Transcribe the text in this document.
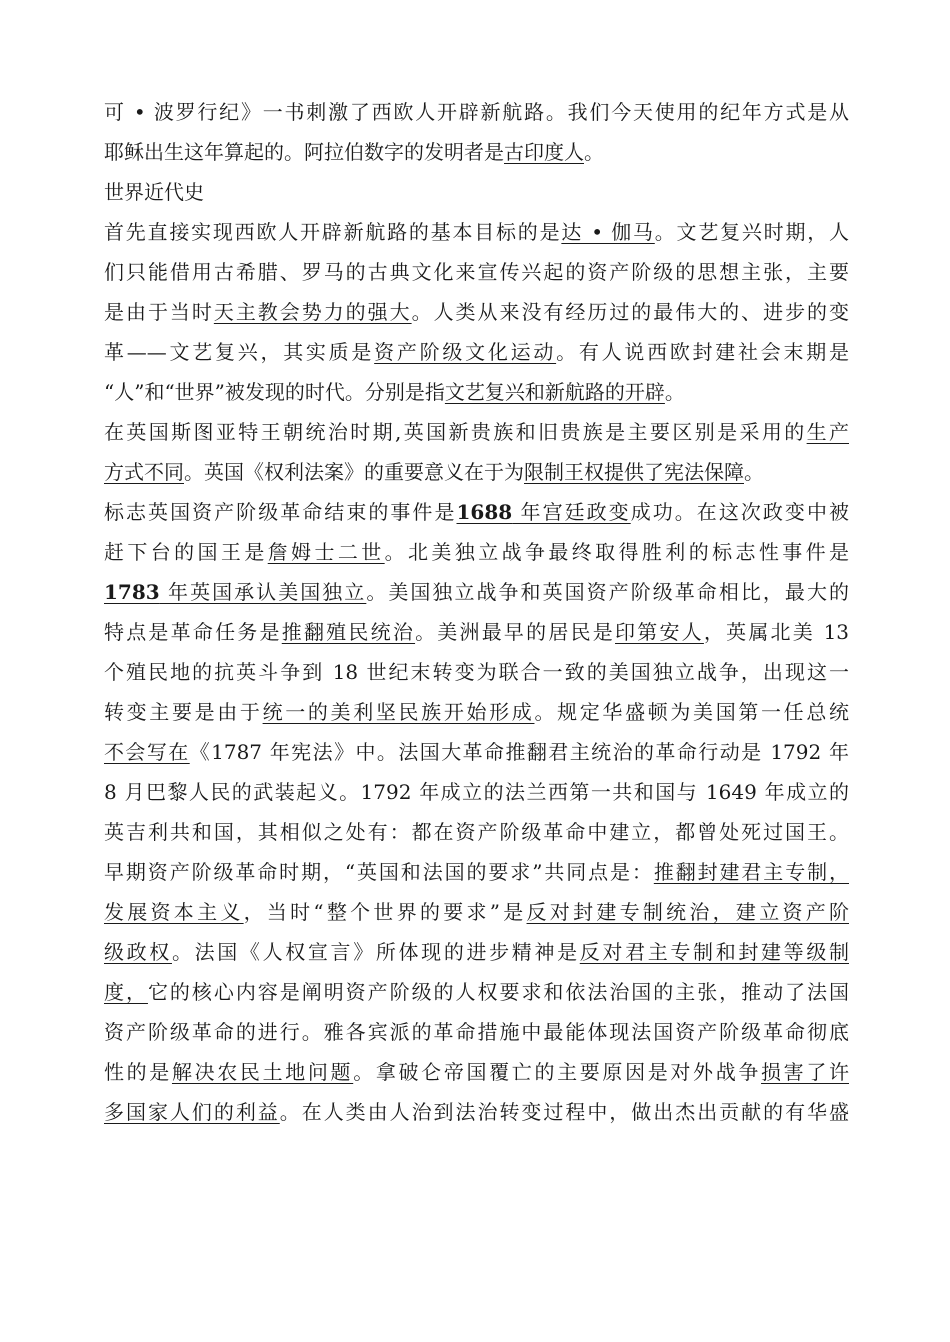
可 • 波罗行纪》一书刺激了西欧人开辟新航路。我们今天使用的纪年方式是从
耶稣出生这年算起的。阿拉伯数字的发明者是古印度人。
世界近代史
首先直接实现西欧人开辟新航路的基本目标的是达 • 伽马。文艺复兴时期，人
们只能借用古希腊、罗马的古典文化来宣传兴起的资产阶级的思想主张，主要
是由于当时天主教会势力的强大。人类从来没有经历过的最伟大的、进步的变
革——文艺复兴，其实质是资产阶级文化运动。有人说西欧封建社会末期是
“人”和“世界”被发现的时代。分别是指文艺复兴和新航路的开辟。
在英国斯图亚特王朝统治时期,英国新贵族和旧贵族是主要区别是采用的生产
方式不同。英国《权利法案》的重要意义在于为限制王权提供了宪法保障。
标志英国资产阶级革命结束的事件是1688 年宫廷政变成功。在这次政变中被
赶下台的国王是詹姆士二世。北美独立战争最终取得胜利的标志性事件是
1783 年英国承认美国独立。美国独立战争和英国资产阶级革命相比，最大的
特点是革命任务是推翻殖民统治。美洲最早的居民是印第安人，英属北美 13
个殖民地的抗英斗争到 18 世纪末转变为联合一致的美国独立战争，出现这一
转变主要是由于统一的美利坚民族开始形成。规定华盛顿为美国第一任总统
不会写在《1787 年宪法》中。法国大革命推翻君主统治的革命行动是 1792 年
8 月巴黎人民的武装起义。1792 年成立的法兰西第一共和国与 1649 年成立的
英吉利共和国，其相似之处有：都在资产阶级革命中建立，都曾处死过国王。
早期资产阶级革命时期，“英国和法国的要求”共同点是：推翻封建君主专制，
发展资本主义，当时“整个世界的要求”是反对封建专制统治，建立资产阶
级政权。法国《人权宣言》所体现的进步精神是反对君主专制和封建等级制
度，它的核心内容是阐明资产阶级的人权要求和依法治国的主张，推动了法国
资产阶级革命的进行。雅各宾派的革命措施中最能体现法国资产阶级革命彻底
性的是解决农民土地问题。拿破仑帝国覆亡的主要原因是对外战争损害了许
多国家人们的利益。在人类由人治到法治转变过程中，做出杰出贡献的有华盛
